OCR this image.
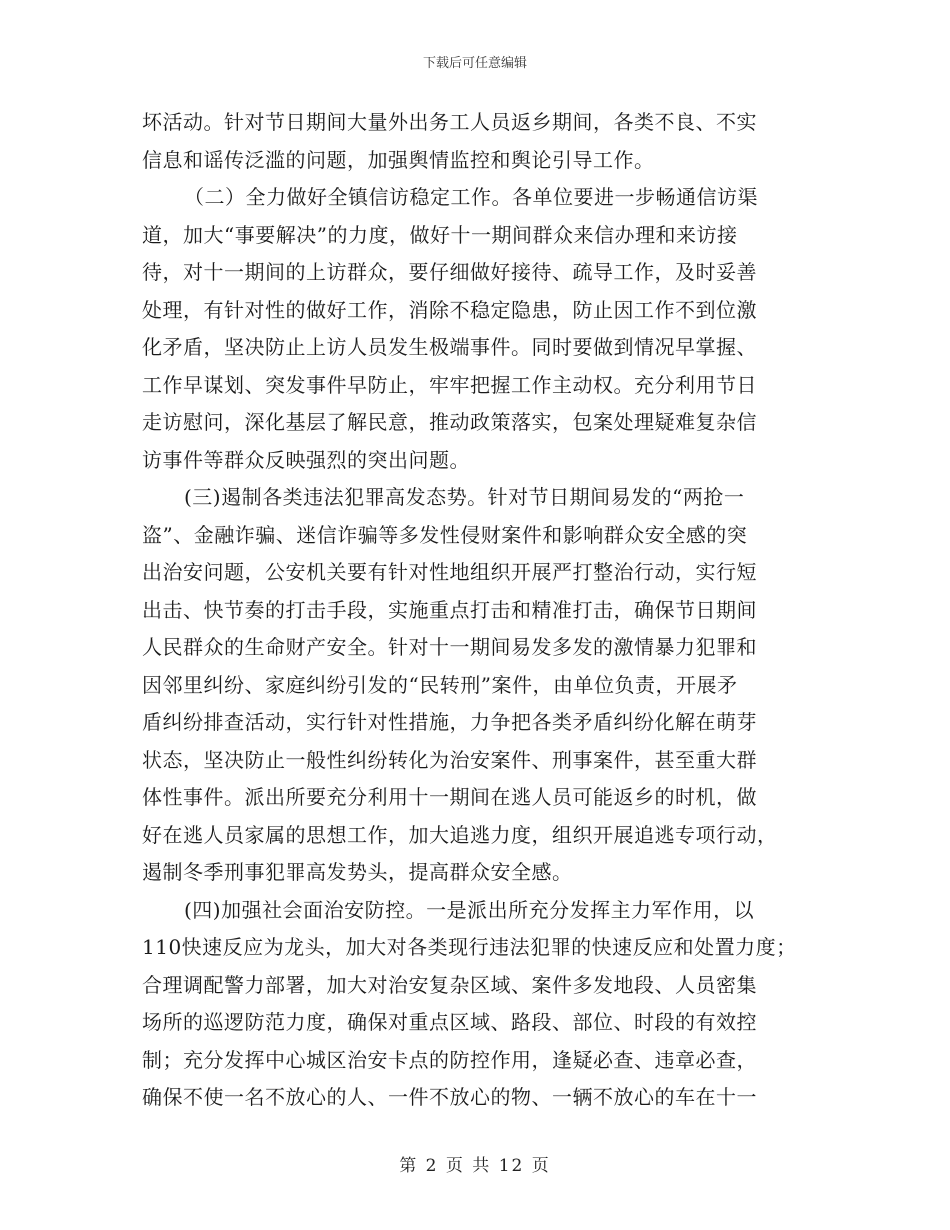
下载后可任意编辑
坏活动。针对节日期间大量外出务工人员返乡期间，各类不良、不实
信息和谣传泛滥的问题，加强舆情监控和舆论引导工作。
（二）全力做好全镇信访稳定工作。各单位要进一步畅通信访渠
道，加大“事要解决”的力度，做好十一期间群众来信办理和来访接
待，对十一期间的上访群众，要仔细做好接待、疏导工作，及时妥善
处理，有针对性的做好工作，消除不稳定隐患，防止因工作不到位激
化矛盾，坚决防止上访人员发生极端事件。同时要做到情况早掌握、
工作早谋划、突发事件早防止，牢牢把握工作主动权。充分利用节日
走访慰问，深化基层了解民意，推动政策落实，包案处理疑难复杂信
访事件等群众反映强烈的突出问题。
(三)遏制各类违法犯罪高发态势。针对节日期间易发的“两抢一
盗”、金融诈骗、迷信诈骗等多发性侵财案件和影响群众安全感的突
出治安问题，公安机关要有针对性地组织开展严打整治行动，实行短
出击、快节奏的打击手段，实施重点打击和精准打击，确保节日期间
人民群众的生命财产安全。针对十一期间易发多发的激情暴力犯罪和
因邻里纠纷、家庭纠纷引发的“民转刑”案件，由单位负责，开展矛
盾纠纷排查活动，实行针对性措施，力争把各类矛盾纠纷化解在萌芽
状态，坚决防止一般性纠纷转化为治安案件、刑事案件，甚至重大群
体性事件。派出所要充分利用十一期间在逃人员可能返乡的时机，做
好在逃人员家属的思想工作，加大追逃力度，组织开展追逃专项行动，
遏制冬季刑事犯罪高发势头，提高群众安全感。
(四)加强社会面治安防控。一是派出所充分发挥主力军作用，以
110快速反应为龙头，加大对各类现行违法犯罪的快速反应和处置力度；
合理调配警力部署，加大对治安复杂区域、案件多发地段、人员密集
场所的巡逻防范力度，确保对重点区域、路段、部位、时段的有效控
制；充分发挥中心城区治安卡点的防控作用，逢疑必查、违章必查，
确保不使一名不放心的人、一件不放心的物、一辆不放心的车在十一
第 2 页 共 12 页
